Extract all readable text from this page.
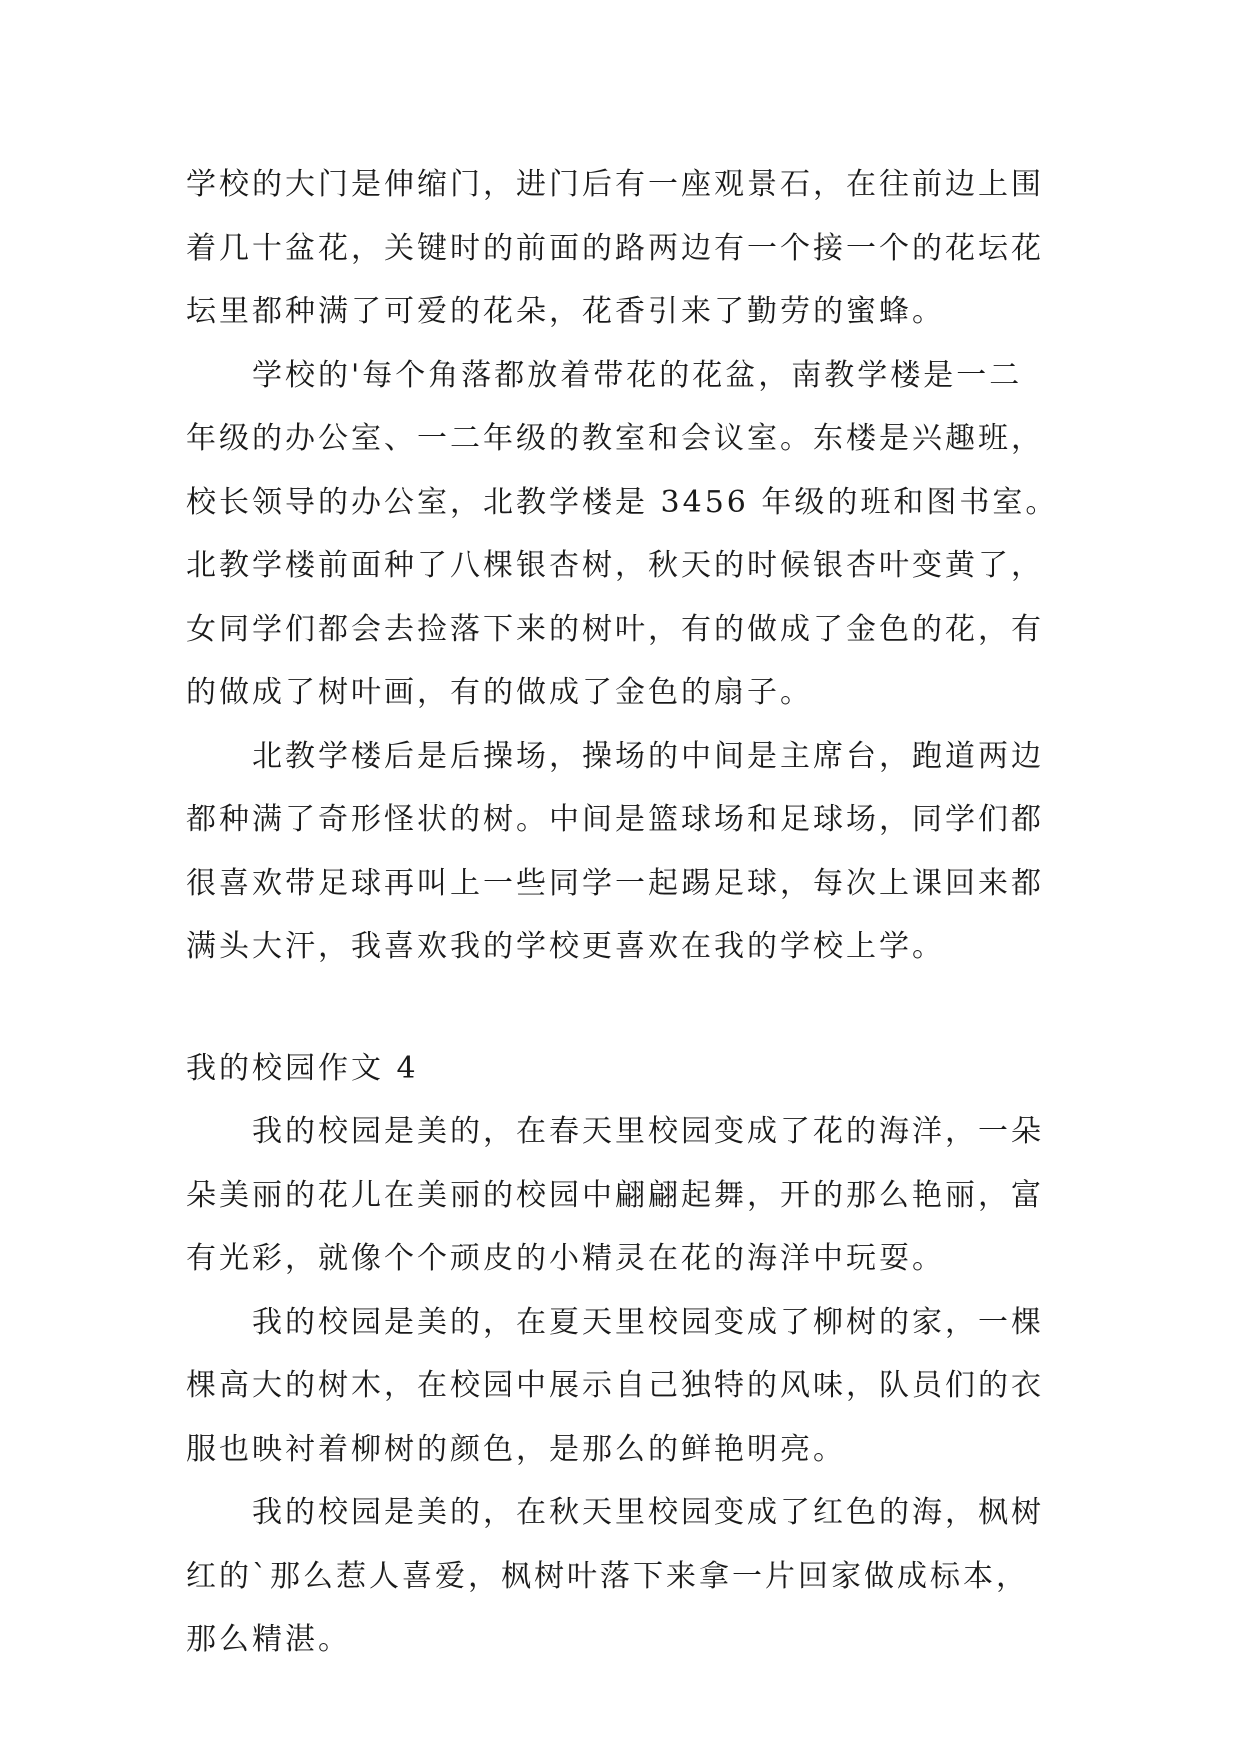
学校的大门是伸缩门，进门后有一座观景石，在往前边上围
着几十盆花，关键时的前面的路两边有一个接一个的花坛花
坛里都种满了可爱的花朵，花香引来了勤劳的蜜蜂。
学校的'每个角落都放着带花的花盆，南教学楼是一二
年级的办公室、一二年级的教室和会议室。东楼是兴趣班，
校长领导的办公室，北教学楼是 3456 年级的班和图书室。
北教学楼前面种了八棵银杏树，秋天的时候银杏叶变黄了，
女同学们都会去捡落下来的树叶，有的做成了金色的花，有
的做成了树叶画，有的做成了金色的扇子。
北教学楼后是后操场，操场的中间是主席台，跑道两边
都种满了奇形怪状的树。中间是篮球场和足球场，同学们都
很喜欢带足球再叫上一些同学一起踢足球，每次上课回来都
满头大汗，我喜欢我的学校更喜欢在我的学校上学。
我的校园作文 4
我的校园是美的，在春天里校园变成了花的海洋，一朵
朵美丽的花儿在美丽的校园中翩翩起舞，开的那么艳丽，富
有光彩，就像个个顽皮的小精灵在花的海洋中玩耍。
我的校园是美的，在夏天里校园变成了柳树的家，一棵
棵高大的树木，在校园中展示自己独特的风味，队员们的衣
服也映衬着柳树的颜色，是那么的鲜艳明亮。
我的校园是美的，在秋天里校园变成了红色的海，枫树
红的`那么惹人喜爱，枫树叶落下来拿一片回家做成标本，
那么精湛。
